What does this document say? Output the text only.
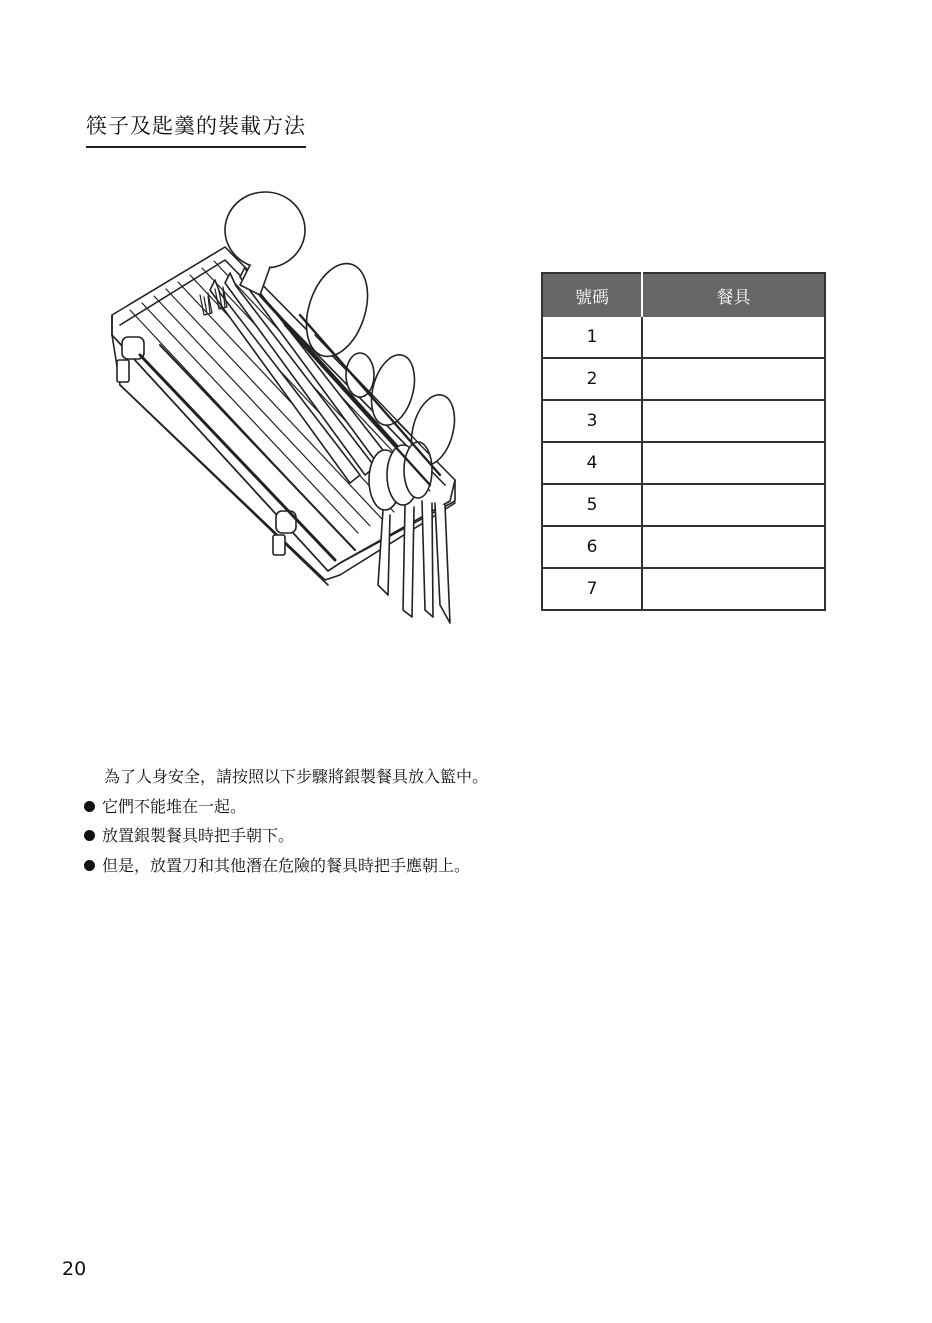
筷子及匙羹的裝載方法
號碼	餐具
1	
2	
3	
4	
5	
6	
7	
為了人身安全，請按照以下步驟將銀製餐具放入籃中。
它們不能堆在一起。
放置銀製餐具時把手朝下。
但是，放置刀和其他潛在危險的餐具時把手應朝上。
20
